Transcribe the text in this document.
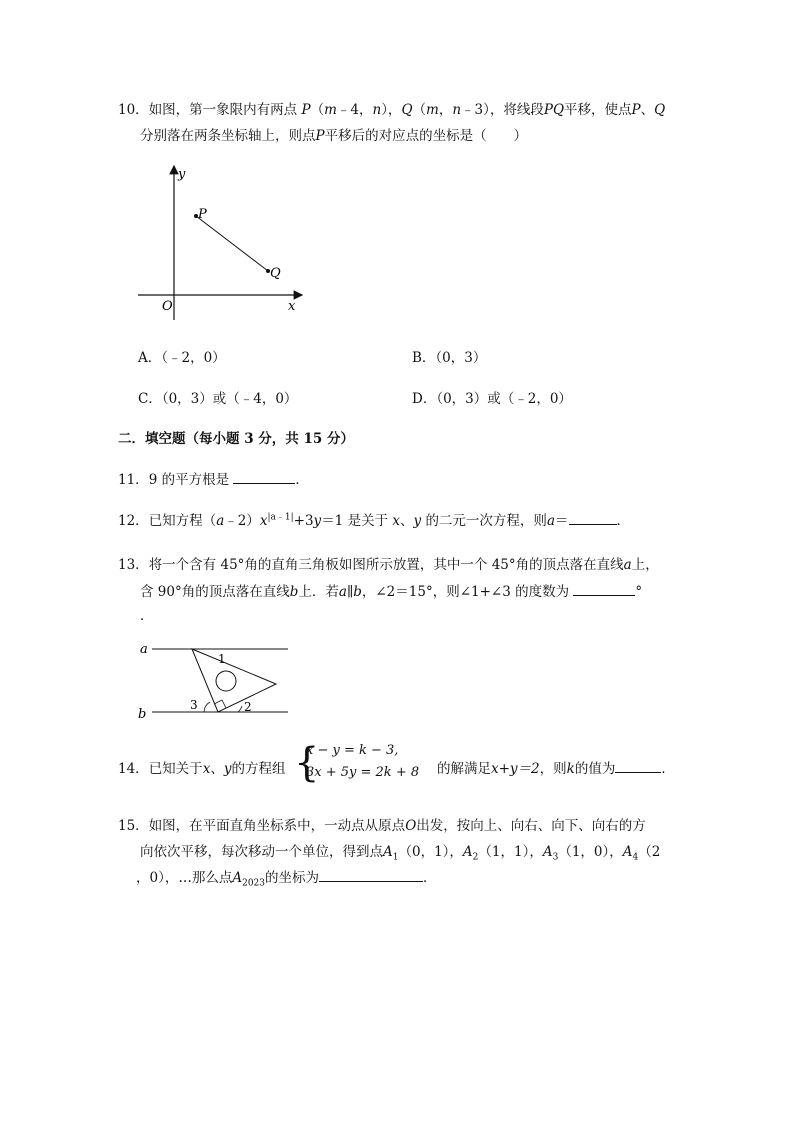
10．如图，第一象限内有两点 P（m﹣4，n），Q（m，n﹣3），将线段PQ平移，使点P、Q
分别落在两条坐标轴上，则点P平移后的对应点的坐标是（　　）
y
x
O
P
Q
A．（﹣2，0）	B．（0，3）
C．（0，3）或（﹣4，0）	D．（0，3）或（﹣2，0）
二．填空题（每小题 3 分，共 15 分）
11．9 的平方根是	．
12．已知方程$(a﹣2)x^{|a﹣1|}+3y=1$ 是关于 x、y 的二元一次方程，则a＝	．
13．将一个含有 45°角的直角三角板如图所示放置，其中一个 45°角的顶点落在直线a上，
含 90°角的顶点落在直线b上．若a∥b，∠2＝15°，则∠1+∠3 的度数为	°
．
a
b
1
2
3
14．已知关于x、y的方程组 {
x − y = k − 3,
3x + 5y = 2k + 8 的解满足x+y＝2，则k的值为	．
15．如图，在平面直角坐标系中，一动点从原点O出发，按向上、向右、向下、向右的方
向依次平移，每次移动一个单位，得到点$A_1(0$，1），$A_2(1$，1），$A_3(1$，0），$A_4(2$
，0），…那么点$A_{2023}$的坐标为	．
